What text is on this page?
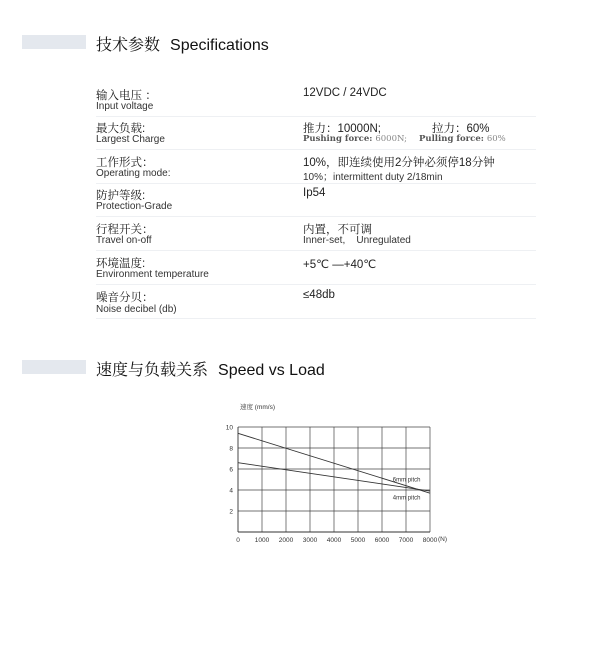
技术参数 Specifications
输入电压 ：
Input voltage
12VDC / 24VDC
最大负载:
Largest Charge
推力：10000N;	拉力：60%
Pushing force: 6000N; Pulling force: 60%
工作形式：
Operating mode:
10%，即连续使用2分钟必须停18分钟
10%；intermittent duty 2/18min
防护等级:
Protection-Grade
Ip54
行程开关：
Travel on-off
内置，不可调
Inner-set,    Unregulated
环境温度:
Environment temperature
+5℃ —+40℃
噪音分贝：
Noise decibel (db)
≤48db
速度与负载关系 Speed vs Load
0 1000 2000 3000 4000 5000 6000 7000 8000
2
4
6
8
10
6mm pitch
4mm pitch
速度 (mm/s)
(N)
